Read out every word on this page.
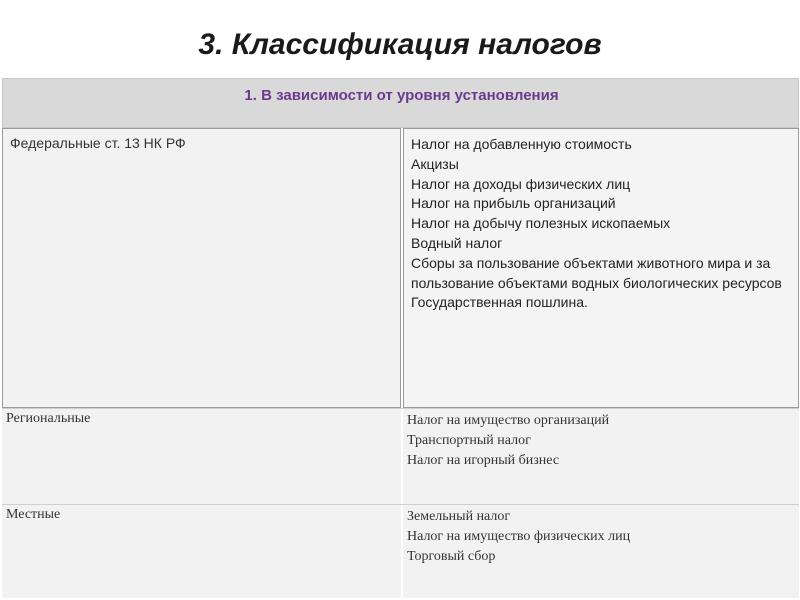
3. Классификация налогов
1. В зависимости от уровня установления
Федеральные ст. 13 НК РФ	Налог на добавленную стоимость
Акцизы
Налог на доходы физических лиц
Налог на прибыль организаций
Налог на добычу полезных ископаемых
Водный налог
Сборы за пользование объектами животного мира и за пользование объектами водных биологических ресурсов
Государственная пошлина.
Региональные	Налог на имущество организаций
Транспортный налог
Налог на игорный бизнес
Местные	Земельный налог
Налог на имущество физических лиц
Торговый сбор
